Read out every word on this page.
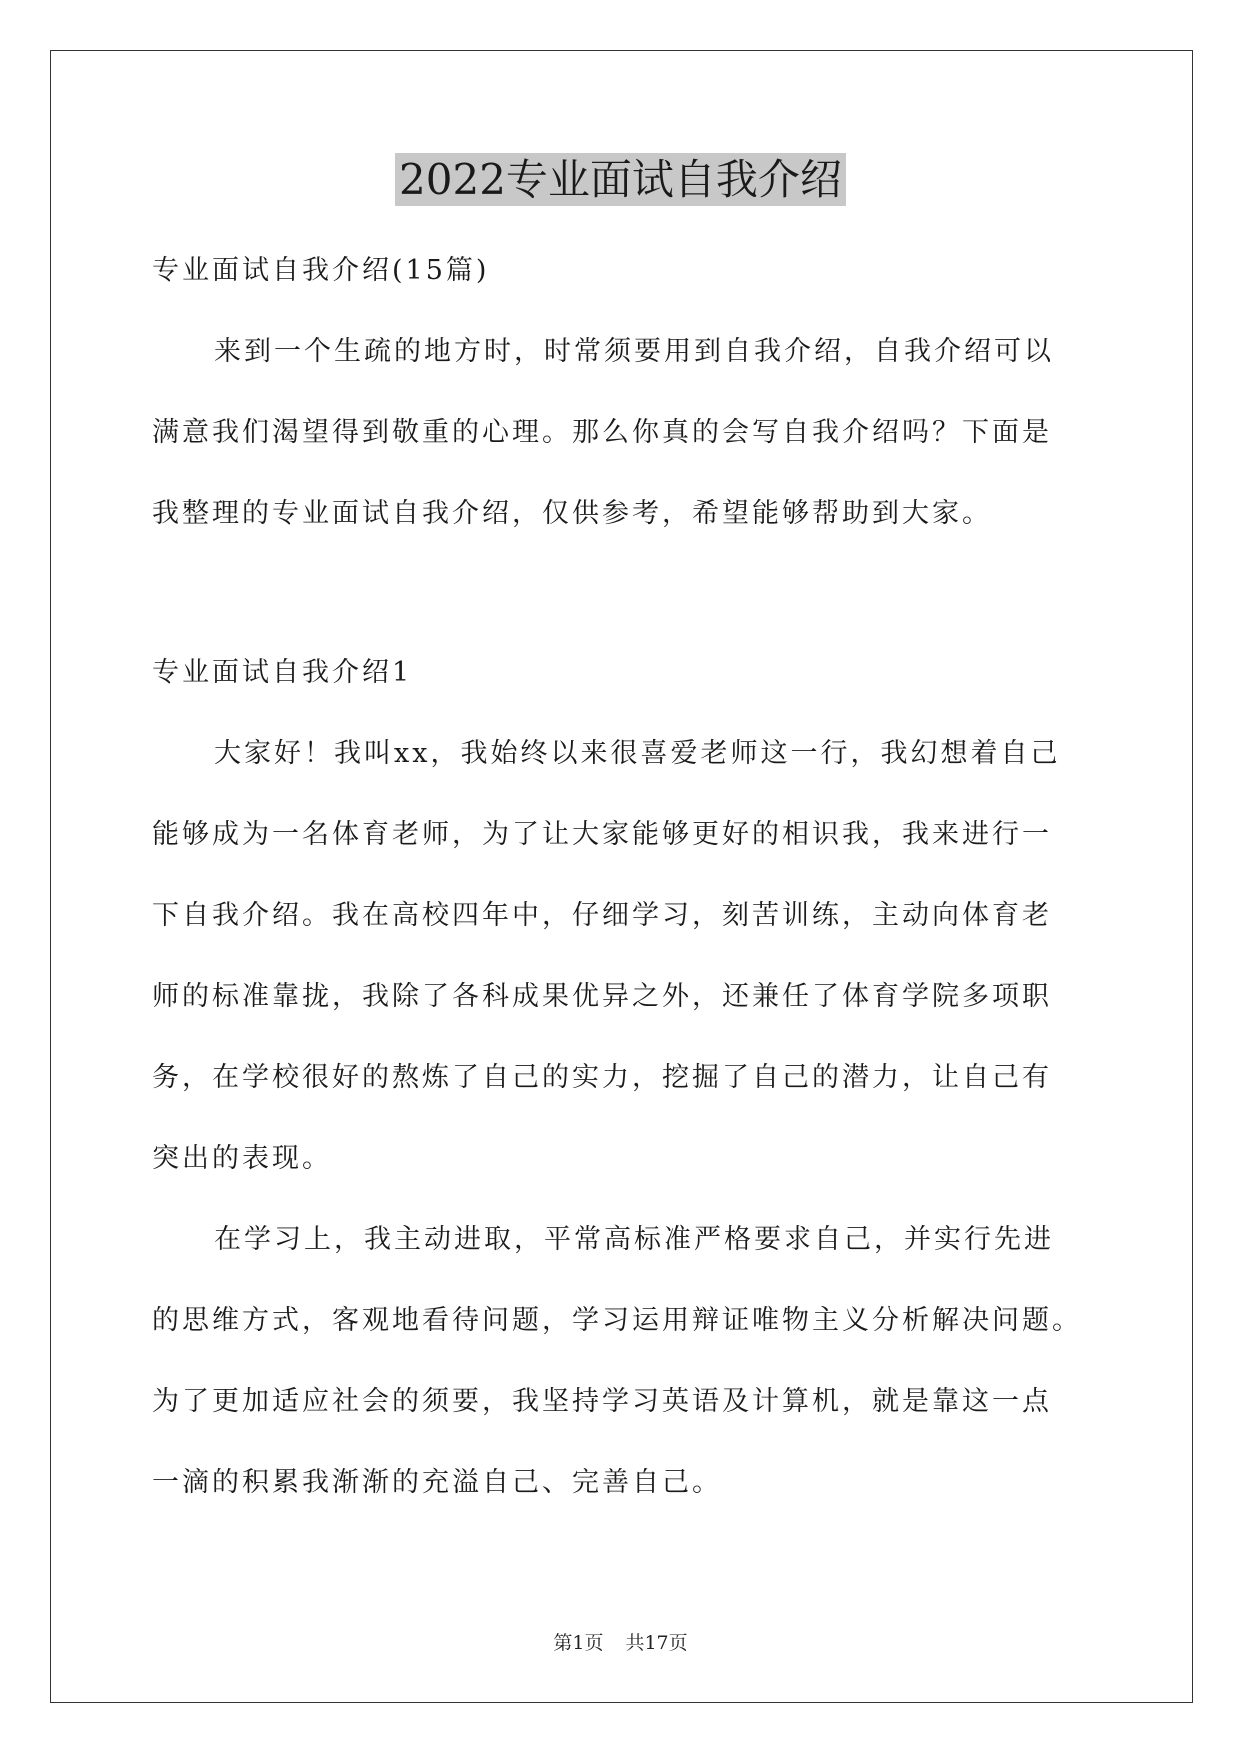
2022专业面试自我介绍
专业面试自我介绍(15篇)
来到一个生疏的地方时，时常须要用到自我介绍，自我介绍可以
满意我们渴望得到敬重的心理。那么你真的会写自我介绍吗？下面是
我整理的专业面试自我介绍，仅供参考，希望能够帮助到大家。
专业面试自我介绍1
大家好！我叫xx，我始终以来很喜爱老师这一行，我幻想着自己
能够成为一名体育老师，为了让大家能够更好的相识我，我来进行一
下自我介绍。我在高校四年中，仔细学习，刻苦训练，主动向体育老
师的标准靠拢，我除了各科成果优异之外，还兼任了体育学院多项职
务，在学校很好的熬炼了自己的实力，挖掘了自己的潜力，让自己有
突出的表现。
在学习上，我主动进取，平常高标准严格要求自己，并实行先进
的思维方式，客观地看待问题，学习运用辩证唯物主义分析解决问题。
为了更加适应社会的须要，我坚持学习英语及计算机，就是靠这一点
一滴的积累我渐渐的充溢自己、完善自己。
第1页 共17页
